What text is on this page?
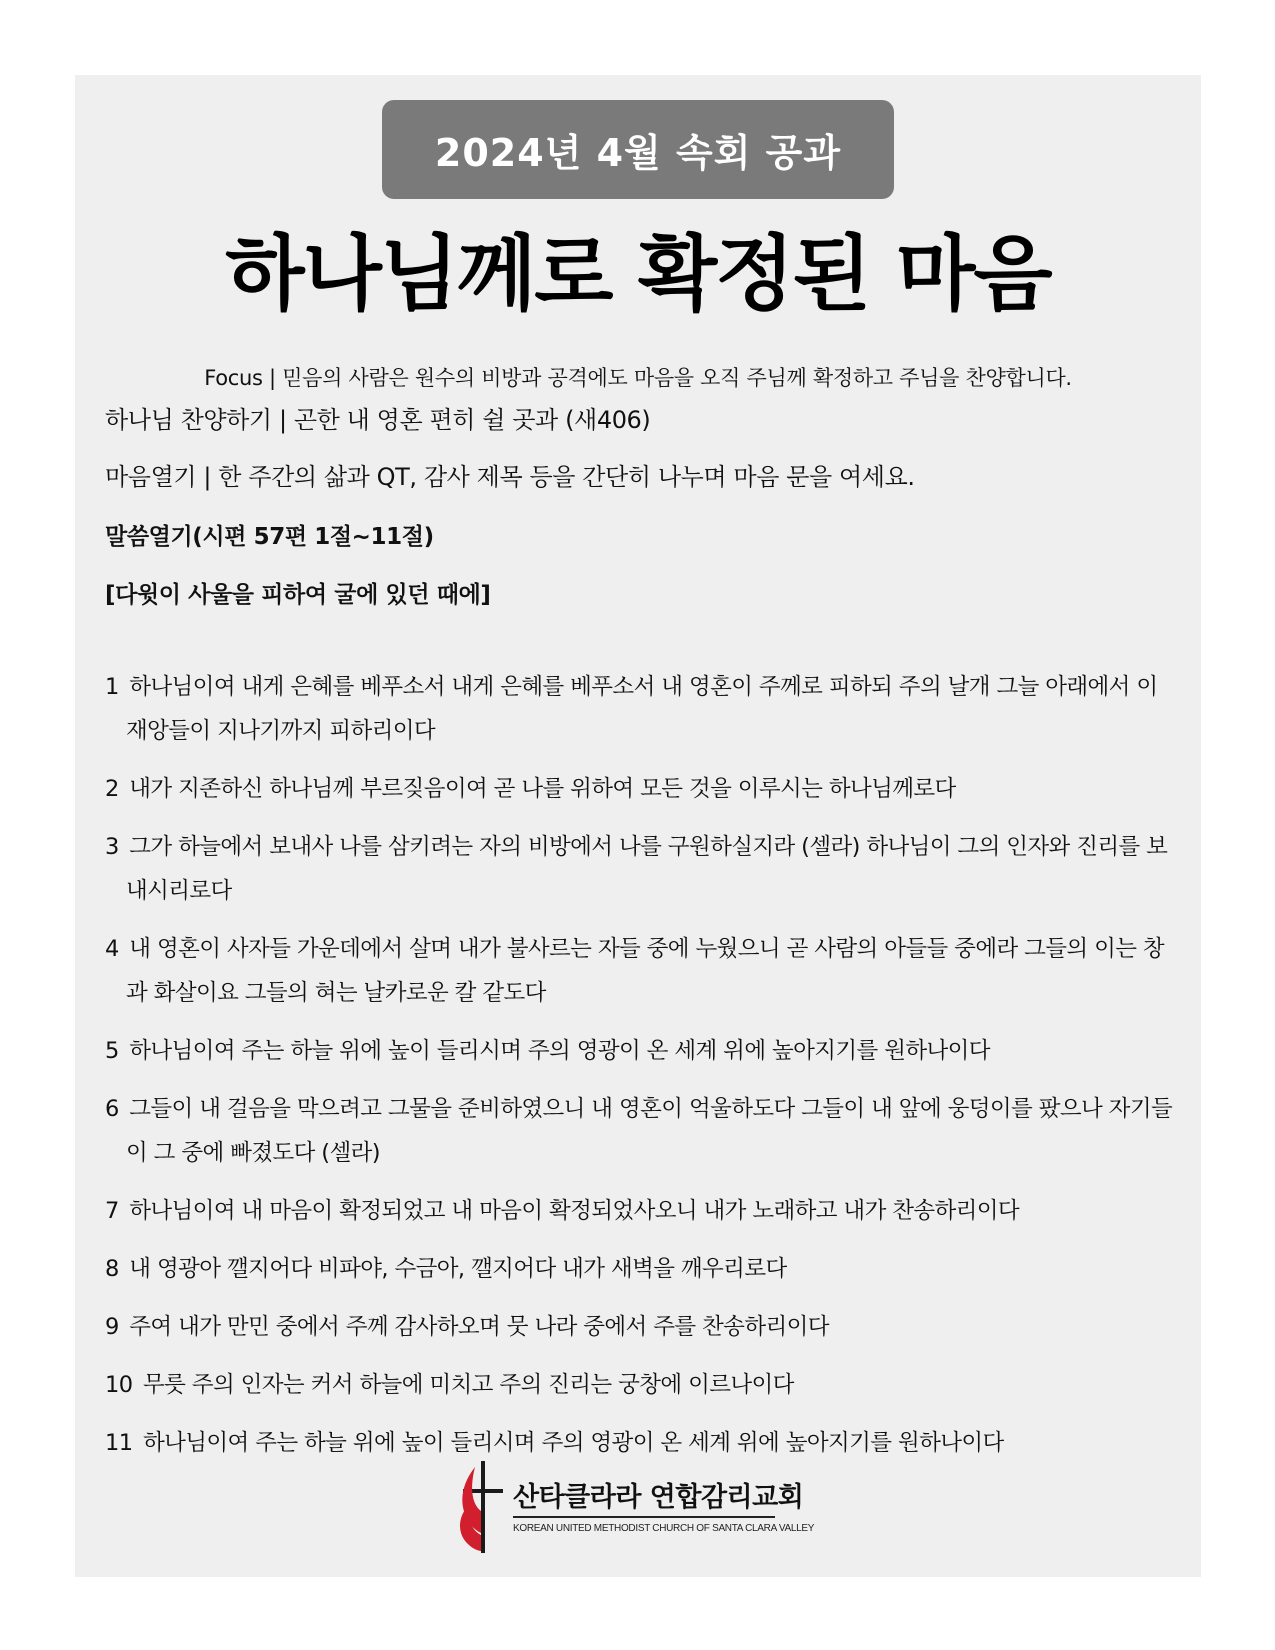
2024년 4월 속회 공과
하나님께로 확정된 마음
Focus | 믿음의 사람은 원수의 비방과 공격에도 마음을 오직 주님께 확정하고 주님을 찬양합니다.
하나님 찬양하기 | 곤한 내 영혼 편히 쉴 곳과 (새406)
마음열기 | 한 주간의 삶과 QT, 감사 제목 등을 간단히 나누며 마음 문을 여세요.
말씀열기(시편 57편 1절~11절)
[다윗이 사울을 피하여 굴에 있던 때에]

1 하나님이여 내게 은혜를 베푸소서 내게 은혜를 베푸소서 내 영혼이 주께로 피하되 주의 날개 그늘 아래에서 이 재앙들이 지나기까지 피하리이다

2 내가 지존하신 하나님께 부르짖음이여 곧 나를 위하여 모든 것을 이루시는 하나님께로다

3 그가 하늘에서 보내사 나를 삼키려는 자의 비방에서 나를 구원하실지라 (셀라) 하나님이 그의 인자와 진리를 보내시리로다

4 내 영혼이 사자들 가운데에서 살며 내가 불사르는 자들 중에 누웠으니 곧 사람의 아들들 중에라 그들의 이는 창과 화살이요 그들의 혀는 날카로운 칼 같도다

5 하나님이여 주는 하늘 위에 높이 들리시며 주의 영광이 온 세계 위에 높아지기를 원하나이다

6 그들이 내 걸음을 막으려고 그물을 준비하였으니 내 영혼이 억울하도다 그들이 내 앞에 웅덩이를 팠으나 자기들이 그 중에 빠졌도다 (셀라)

7 하나님이여 내 마음이 확정되었고 내 마음이 확정되었사오니 내가 노래하고 내가 찬송하리이다

8 내 영광아 깰지어다 비파야, 수금아, 깰지어다 내가 새벽을 깨우리로다

9 주여 내가 만민 중에서 주께 감사하오며 뭇 나라 중에서 주를 찬송하리이다

10 무릇 주의 인자는 커서 하늘에 미치고 주의 진리는 궁창에 이르나이다

11 하나님이여 주는 하늘 위에 높이 들리시며 주의 영광이 온 세계 위에 높아지기를 원하나이다

산타클라라 연합감리교회
KOREAN UNITED METHODIST CHURCH OF SANTA CLARA VALLEY
